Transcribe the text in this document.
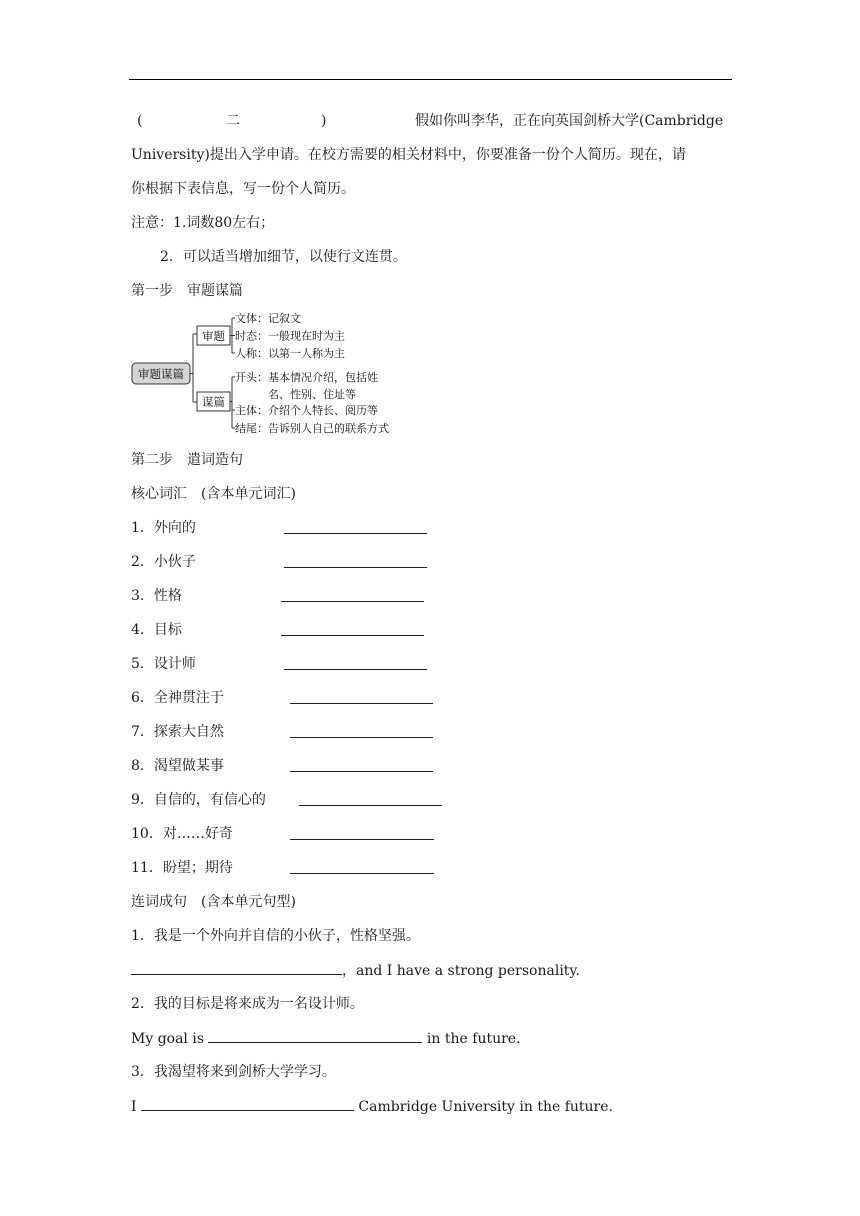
(	二	)	假如你叫李华，正在向英国剑桥大学(Cambridge
University)提出入学申请。在校方需要的相关材料中，你要准备一份个人简历。现在，请
你根据下表信息，写一份个人简历。
注意：1.词数80左右；
2．可以适当增加细节，以使行文连贯。
第一步　审题谋篇
审题谋篇
审题
谋篇
文体：记叙文
时态：一般现在时为主
人称：以第一人称为主
开头：基本情况介绍，包括姓
名、性别、住址等
主体：介绍个人特长、阅历等
结尾：告诉别人自己的联系方式
第二步　遣词造句
核心词汇　(含本单元词汇)
1．外向的
2．小伙子
3．性格
4．目标
5．设计师
6．全神贯注于
7．探索大自然
8．渴望做某事
9．自信的，有信心的
10．对……好奇
11．盼望；期待
连词成句　(含本单元句型)
1．我是一个外向并自信的小伙子，性格坚强。
，and I have a strong personality.
2．我的目标是将来成为一名设计师。
My goal is	in the future.
3．我渴望将来到剑桥大学学习。
I	Cambridge University in the future.
